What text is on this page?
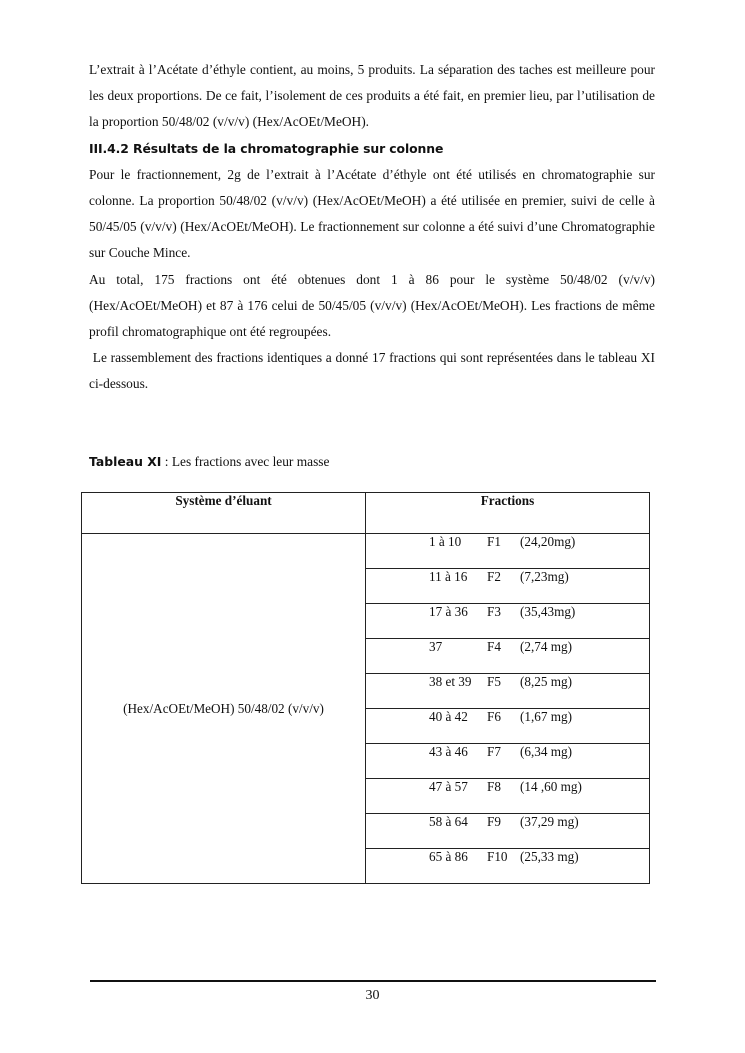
L’extrait à l’Acétate d’éthyle contient, au moins, 5 produits. La séparation des taches est meilleure pour les deux proportions. De ce fait, l’isolement de ces produits a été fait, en premier lieu, par l’utilisation de la proportion 50/48/02 (v/v/v) (Hex/AcOEt/MeOH).

III.4.2 Résultats de la chromatographie sur colonne

Pour le fractionnement, 2g de l’extrait à l’Acétate d’éthyle ont été utilisés en chromatographie sur colonne. La proportion 50/48/02 (v/v/v) (Hex/AcOEt/MeOH) a été utilisée en premier, suivi de celle à 50/45/05 (v/v/v) (Hex/AcOEt/MeOH). Le fractionnement sur colonne a été suivi d’une Chromatographie sur Couche Mince.

Au total, 175 fractions ont été obtenues dont 1 à 86 pour le système 50/48/02 (v/v/v) (Hex/AcOEt/MeOH) et 87 à 176 celui de 50/45/05 (v/v/v) (Hex/AcOEt/MeOH). Les fractions de même profil chromatographique ont été regroupées.

Le rassemblement des fractions identiques a donné 17 fractions qui sont représentées dans le tableau XI ci-dessous.

Tableau XI : Les fractions avec leur masse
Système d’éluant	Fractions
(Hex/AcOEt/MeOH) 50/48/02 (v/v/v)	1 à 10 F1 (24,20mg)

	11 à 16 F2 (7,23mg)

	17 à 36 F3 (35,43mg)

	37 F4 (2,74 mg)

	38 et 39 F5 (8,25 mg)

	40 à 42 F6 (1,67 mg)

	43 à 46 F7 (6,34 mg)

	47 à 57 F8 (14 ,60 mg)

	58 à 64 F9 (37,29 mg)

	65 à 86 F10 (25,33 mg)
30
